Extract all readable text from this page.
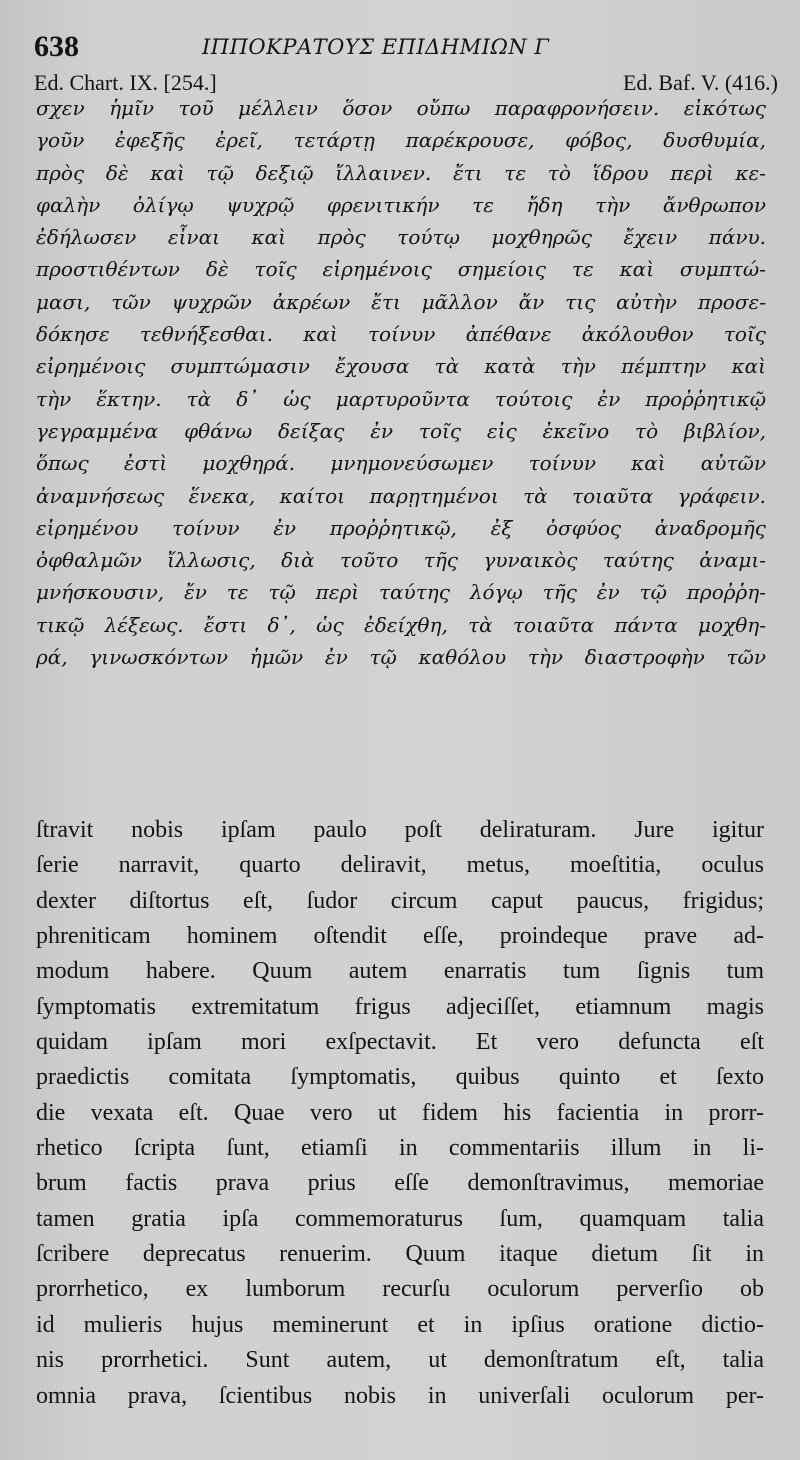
638	ΙΠΠΟΚΡΑΤΟΥΣ ΕΠΙΔΗΜΙΩΝ Γ
Ed. Chart. IX. [254.]	Ed. Baf. V. (416.)
σχεν ἡμῖν τοῦ μέλλειν ὅσον οὔπω παραφρονήσειν. εἰκότως
γοῦν ἐφεξῆς ἐρεῖ, τετάρτῃ παρέκρουσε, φόβος, δυσθυμία,
πρὸς δὲ καὶ τῷ δεξιῷ ἴλλαινεν. ἔτι τε τὸ ἵδρου περὶ κε-
φαλὴν ὀλίγῳ ψυχρῷ φρενιτικήν τε ἤδη τὴν ἄνθρωπον
ἐδήλωσεν εἶναι καὶ πρὸς τούτῳ μοχθηρῶς ἔχειν πάνυ.
προστιθέντων δὲ τοῖς εἰρημένοις σημείοις τε καὶ συμπτώ-
μασι, τῶν ψυχρῶν ἀκρέων ἔτι μᾶλλον ἄν τις αὐτὴν προσε-
δόκησε τεθνήξεσθαι. καὶ τοίνυν ἀπέθανε ἀκόλουθον τοῖς
εἰρημένοις συμπτώμασιν ἔχουσα τὰ κατὰ τὴν πέμπτην καὶ
τὴν ἕκτην. τὰ δ᾿ ὡς μαρτυροῦντα τούτοις ἐν προῤῥητικῷ
γεγραμμένα φθάνω δείξας ἐν τοῖς εἰς ἐκεῖνο τὸ βιβλίον,
ὅπως ἐστὶ μοχθηρά. μνημονεύσωμεν τοίνυν καὶ αὐτῶν
ἀναμνήσεως ἕνεκα, καίτοι παρῃτημένοι τὰ τοιαῦτα γράφειν.
εἰρημένου τοίνυν ἐν προῤῥητικῷ, ἐξ ὀσφύος ἀναδρομῆς
ὀφθαλμῶν ἴλλωσις, διὰ τοῦτο τῆς γυναικὸς ταύτης ἀναμι-
μνήσκουσιν, ἔν τε τῷ περὶ ταύτης λόγῳ τῆς ἐν τῷ προῤῥη-
τικῷ λέξεως. ἔστι δ᾿, ὡς ἐδείχθη, τὰ τοιαῦτα πάντα μοχθη-
ρά, γινωσκόντων ἡμῶν ἐν τῷ καθόλου τὴν διαστροφὴν τῶν
ſtravit nobis ipſam paulo poſt deliraturam. Jure igitur
ſerie narravit, quarto deliravit, metus, moeſtitia, oculus
dexter diſtortus eſt, ſudor circum caput paucus, frigidus;
phreniticam hominem oſtendit eſſe, proindeque prave ad-
modum habere. Quum autem enarratis tum ſignis tum
ſymptomatis extremitatum frigus adjeciſſet, etiamnum magis
quidam ipſam mori exſpectavit. Et vero defuncta eſt
praedictis comitata ſymptomatis, quibus quinto et ſexto
die vexata eſt. Quae vero ut fidem his facientia in prorr-
rhetico ſcripta ſunt, etiamſi in commentariis illum in li-
brum factis prava prius eſſe demonſtravimus, memoriae
tamen gratia ipſa commemoraturus ſum, quamquam talia
ſcribere deprecatus renuerim. Quum itaque dietum ſit in
prorrhetico, ex lumborum recurſu oculorum perverſio ob
id mulieris hujus meminerunt et in ipſius oratione dictio-
nis prorrhetici. Sunt autem, ut demonſtratum eſt, talia
omnia prava, ſcientibus nobis in univerſali oculorum per-
